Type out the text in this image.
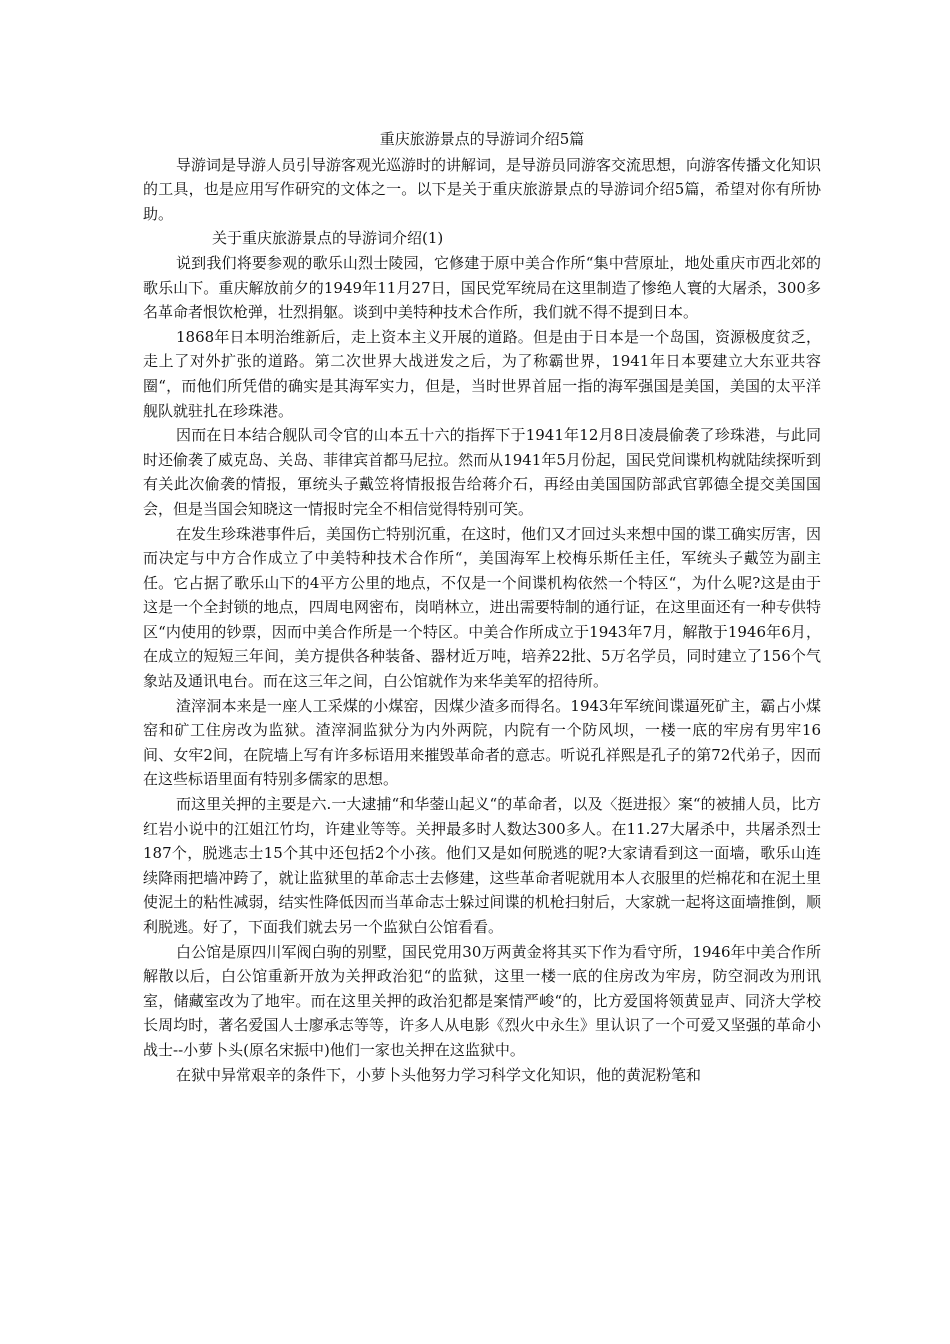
重庆旅游景点的导游词介绍5篇

导游词是导游人员引导游客观光巡游时的讲解词，是导游员同游客交流思想，向游客传播文化知识的工具，也是应用写作研究的文体之一。以下是关于重庆旅游景点的导游词介绍5篇，希望对你有所协助。

关于重庆旅游景点的导游词介绍(1)

说到我们将要参观的歌乐山烈士陵园，它修建于原中美合作所“集中营原址，地处重庆市西北郊的歌乐山下。重庆解放前夕的1949年11月27日，国民党军统局在这里制造了惨绝人寰的大屠杀，300多名革命者恨饮枪弹，壮烈捐躯。谈到中美特种技术合作所，我们就不得不提到日本。

1868年日本明治维新后，走上资本主义开展的道路。但是由于日本是一个岛国，资源极度贫乏，走上了对外扩张的道路。第二次世界大战迸发之后，为了称霸世界，1941年日本要建立大东亚共容圈“，而他们所凭借的确实是其海军实力，但是，当时世界首屈一指的海军强国是美国，美国的太平洋舰队就驻扎在珍珠港。

因而在日本结合舰队司令官的山本五十六的指挥下于1941年12月8日凌晨偷袭了珍珠港，与此同时还偷袭了威克岛、关岛、菲律宾首都马尼拉。然而从1941年5月份起，国民党间谍机构就陆续探听到有关此次偷袭的情报，軍统头子戴笠将情报报告给蒋介石，再经由美国国防部武官郭德全提交美国国会，但是当国会知晓这一情报时完全不相信觉得特别可笑。

在发生珍珠港事件后，美国伤亡特别沉重，在这时，他们又才回过头来想中国的谍工确实厉害，因而决定与中方合作成立了中美特种技术合作所“，美国海军上校梅乐斯任主任，军统头子戴笠为副主任。它占据了歌乐山下的4平方公里的地点，不仅是一个间谍机构依然一个特区“，为什么呢?这是由于这是一个全封锁的地点，四周电网密布，岗哨林立，进出需要特制的通行证，在这里面还有一种专供特区“内使用的钞票，因而中美合作所是一个特区。中美合作所成立于1943年7月，解散于1946年6月，在成立的短短三年间，美方提供各种装备、器材近万吨，培养22批、5万名学员，同时建立了156个气象站及通讯电台。而在这三年之间，白公馆就作为来华美军的招待所。

渣滓洞本来是一座人工采煤的小煤窑，因煤少渣多而得名。1943年军统间谍逼死矿主，霸占小煤窑和矿工住房改为监狱。渣滓洞监狱分为内外两院，内院有一个防风坝，一楼一底的牢房有男牢16间、女牢2间，在院墙上写有许多标语用来摧毁革命者的意志。听说孔祥熙是孔子的第72代弟子，因而在这些标语里面有特别多儒家的思想。

而这里关押的主要是六.一大逮捕“和华蓥山起义“的革命者，以及〈挺进报〉案“的被捕人员，比方红岩小说中的江姐江竹均，许建业等等。关押最多时人数达300多人。在11.27大屠杀中，共屠杀烈士187个，脱逃志士15个其中还包括2个小孩。他们又是如何脱逃的呢?大家请看到这一面墙，歌乐山连续降雨把墙冲跨了，就让监狱里的革命志士去修建，这些革命者呢就用本人衣服里的烂棉花和在泥土里使泥土的粘性减弱，结实性降低因而当革命志士躲过间谍的机枪扫射后，大家就一起将这面墙推倒，顺利脱逃。好了，下面我们就去另一个监狱白公馆看看。

白公馆是原四川军阀白驹的别墅，国民党用30万两黄金将其买下作为看守所，1946年中美合作所解散以后，白公馆重新开放为关押政治犯“的监狱，这里一楼一底的住房改为牢房，防空洞改为刑讯室，储藏室改为了地牢。而在这里关押的政治犯都是案情严峻“的，比方爱国将领黄显声、同济大学校长周均时，著名爱国人士廖承志等等，许多人从电影《烈火中永生》里认识了一个可爱又坚强的革命小战士--小萝卜头(原名宋振中)他们一家也关押在这监狱中。

在狱中异常艰辛的条件下，小萝卜头他努力学习科学文化知识，他的黄泥粉笔和
